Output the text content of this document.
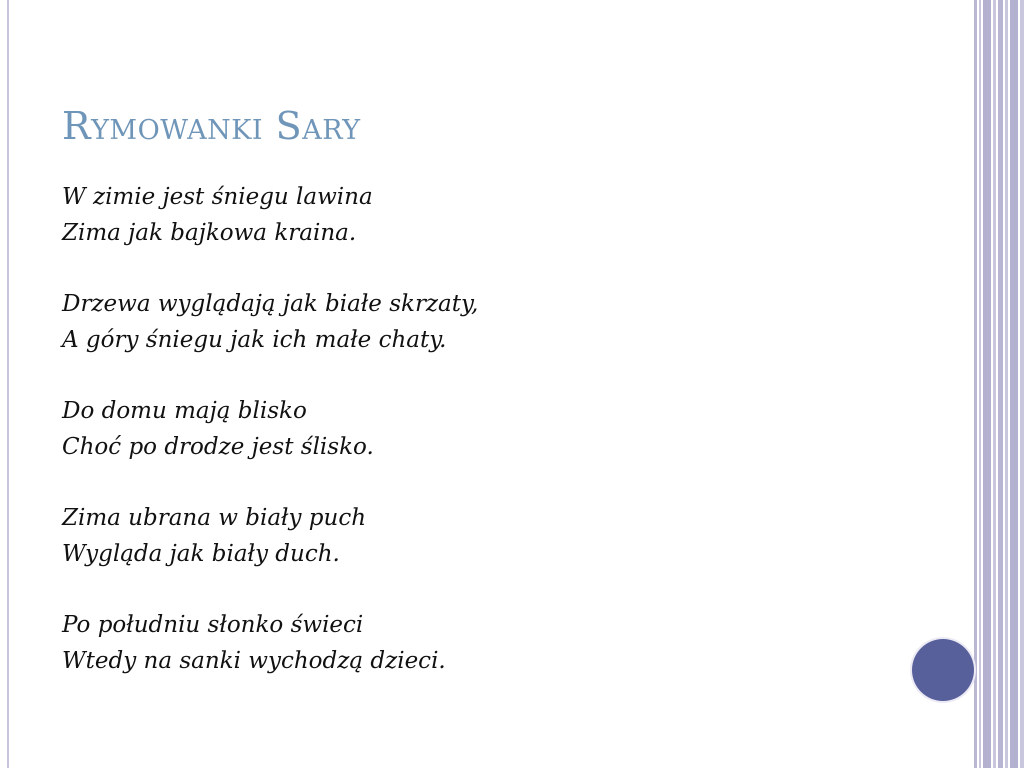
Rymowanki Sary
W zimie jest śniegu lawina
Zima jak bajkowa kraina.
Drzewa wyglądają jak białe skrzaty,
A góry śniegu jak ich małe chaty.
Do domu mają blisko
Choć po drodze jest ślisko.
Zima ubrana w biały puch
Wygląda jak biały duch.
Po południu słonko świeci
Wtedy na sanki wychodzą dzieci.
